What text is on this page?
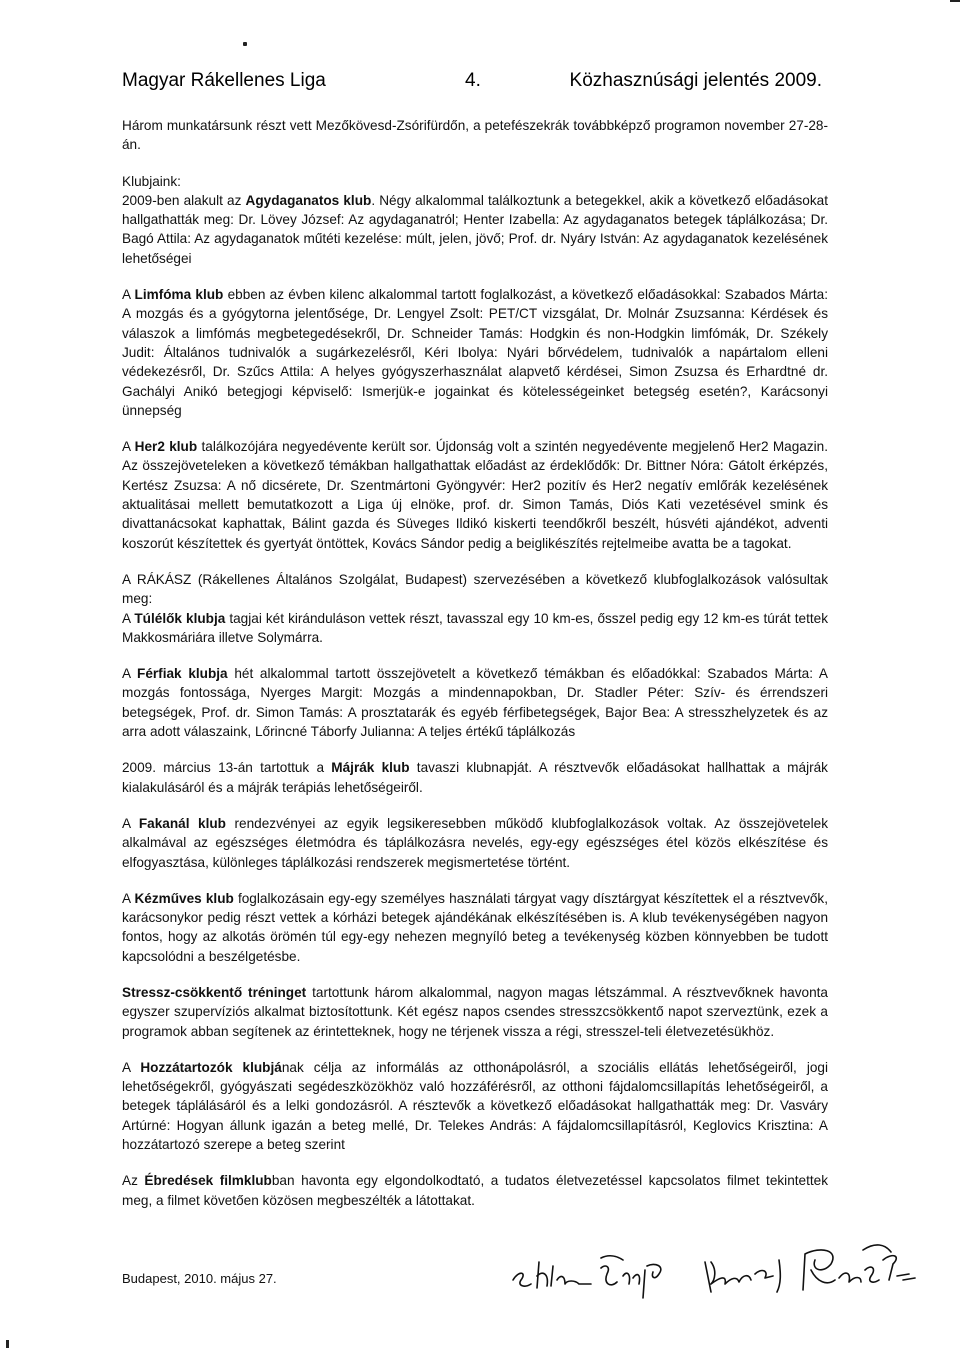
Magyar Rákellenes Liga	4.	Közhasznúsági jelentés 2009.

Három munkatársunk részt vett Mezőkövesd-Zsórifürdőn, a petefészekrák továbbképző programon november 27-28-án.

Klubjaink:

2009-ben alakult az Agydaganatos klub. Négy alkalommal találkoztunk a betegekkel, akik a következő előadásokat hallgathatták meg: Dr. Lövey József: Az agydaganatról; Henter Izabella: Az agydaganatos betegek táplálkozása; Dr. Bagó Attila: Az agydaganatok műtéti kezelése: múlt, jelen, jövő; Prof. dr. Nyáry István: Az agydaganatok kezelésének lehetőségei

A Limfóma klub ebben az évben kilenc alkalommal tartott foglalkozást, a következő előadásokkal: Szabados Márta: A mozgás és a gyógytorna jelentősége, Dr. Lengyel Zsolt: PET/CT vizsgálat, Dr. Molnár Zsuzsanna: Kérdések és válaszok a limfómás megbetegedésekről, Dr. Schneider Tamás: Hodgkin és non-Hodgkin limfómák, Dr. Székely Judit: Általános tudnivalók a sugárkezelésről, Kéri Ibolya: Nyári bőrvédelem, tudnivalók a napártalom elleni védekezésről, Dr. Szűcs Attila: A helyes gyógyszerhasználat alapvető kérdései, Simon Zsuzsa és Erhardtné dr. Gachályi Anikó betegjogi képviselő: Ismerjük-e jogainkat és kötelességeinket betegség esetén?, Karácsonyi ünnepség

A Her2 klub találkozójára negyedévente került sor. Újdonság volt a szintén negyedévente megjelenő Her2 Magazin. Az összejöveteleken a következő témákban hallgathattak előadást az érdeklődők: Dr. Bittner Nóra: Gátolt érképzés, Kertész Zsuzsa: A nő dicsérete, Dr. Szentmártoni Gyöngyvér: Her2 pozitív és Her2 negatív emlőrák kezelésének aktualitásai mellett bemutatkozott a Liga új elnöke, prof. dr. Simon Tamás, Diós Kati vezetésével smink és divattanácsokat kaphattak, Bálint gazda és Süveges Ildikó kiskerti teendőkről beszélt, húsvéti ajándékot, adventi koszorút készítettek és gyertyát öntöttek, Kovács Sándor pedig a beiglikészítés rejtelmeibe avatta be a tagokat.

A RÁKÁSZ (Rákellenes Általános Szolgálat, Budapest) szervezésében a következő klubfoglalkozások valósultak meg:

A Túlélők klubja tagjai két kiránduláson vettek részt, tavasszal egy 10 km-es, ősszel pedig egy 12 km-es túrát tettek Makkosmáriára illetve Solymárra.

A Férfiak klubja hét alkalommal tartott összejövetelt a következő témákban és előadókkal: Szabados Márta: A mozgás fontossága, Nyerges Margit: Mozgás a mindennapokban, Dr. Stadler Péter: Szív- és érrendszeri betegségek, Prof. dr. Simon Tamás: A prosztatarák és egyéb férfibetegségek, Bajor Bea: A stresszhelyzetek és az arra adott válaszaink, Lőrincné Táborfy Julianna: A teljes értékű táplálkozás

2009. március 13-án tartottuk a Májrák klub tavaszi klubnapját. A résztvevők előadásokat hallhattak a májrák kialakulásáról és a májrák terápiás lehetőségeiről.

A Fakanál klub rendezvényei az egyik legsikeresebben működő klubfoglalkozások voltak. Az összejövetelek alkalmával az egészséges életmódra és táplálkozásra nevelés, egy-egy egészséges étel közös elkészítése és elfogyasztása, különleges táplálkozási rendszerek megismertetése történt.

A Kézműves klub foglalkozásain egy-egy személyes használati tárgyat vagy dísztárgyat készítettek el a résztvevők, karácsonykor pedig részt vettek a kórházi betegek ajándékának elkészítésében is. A klub tevékenységében nagyon fontos, hogy az alkotás örömén túl egy-egy nehezen megnyíló beteg a tevékenység közben könnyebben be tudott kapcsolódni a beszélgetésbe.

Stressz-csökkentő tréninget tartottunk három alkalommal, nagyon magas létszámmal. A résztvevőknek havonta egyszer szupervíziós alkalmat biztosítottunk. Két egész napos csendes stresszcsökkentő napot szerveztünk, ezek a programok abban segítenek az érintetteknek, hogy ne térjenek vissza a régi, stresszel-teli életvezetésükhöz.

A Hozzátartozók klubjának célja az informálás az otthonápolásról, a szociális ellátás lehetőségeiről, jogi lehetőségekről, gyógyászati segédeszközökhöz való hozzáférésről, az otthoni fájdalomcsillapítás lehetőségeiről, a betegek táplálásáról és a lelki gondozásról. A résztevők a következő előadásokat hallgathatták meg: Dr. Vasváry Artúrné: Hogyan állunk igazán a beteg mellé, Dr. Telekes András: A fájdalomcsillapításról, Keglovics Krisztina: A hozzátartozó szerepe a beteg szerint

Az Ébredések filmklubban havonta egy elgondolkodtató, a tudatos életvezetéssel kapcsolatos filmet tekintettek meg, a filmet követően közösen megbeszélték a látottakat.

Budapest, 2010. május 27.
